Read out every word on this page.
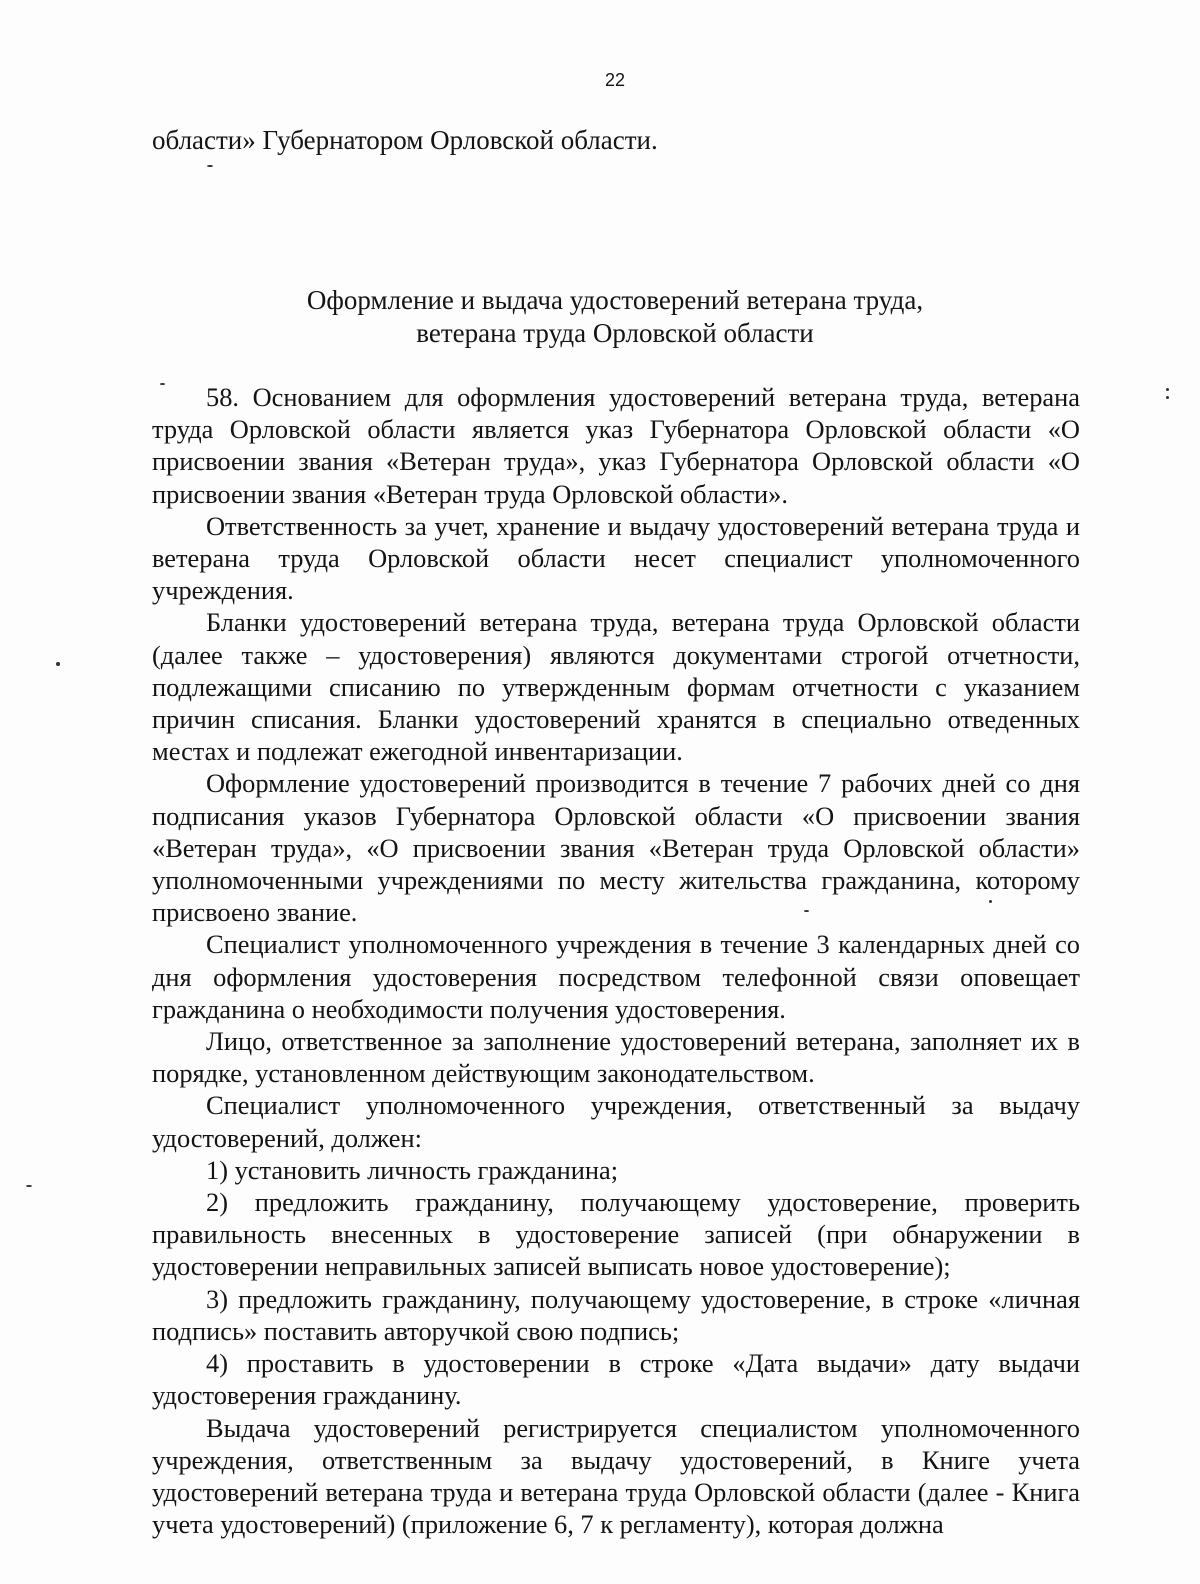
22
области» Губернатором Орловской области.
Оформление и выдача удостоверений ветерана труда,
ветерана труда Орловской области

58. Основанием для оформления удостоверений ветерана труда, ветерана труда Орловской области является указ Губернатора Орловской области «О присвоении звания «Ветеран труда», указ Губернатора Орловской области «О присвоении звания «Ветеран труда Орловской области».

Ответственность за учет, хранение и выдачу удостоверений ветерана труда и ветерана труда Орловской области несет специалист уполномоченного учреждения.

Бланки удостоверений ветерана труда, ветерана труда Орловской области (далее также – удостоверения) являются документами строгой отчетности, подлежащими списанию по утвержденным формам отчетности с указанием причин списания. Бланки удостоверений хранятся в специально отведенных местах и подлежат ежегодной инвентаризации.

Оформление удостоверений производится в течение 7 рабочих дней со дня подписания указов Губернатора Орловской области «О присвоении звания «Ветеран труда», «О присвоении звания «Ветеран труда Орловской области» уполномоченными учреждениями по месту жительства гражданина, которому присвоено звание.

Специалист уполномоченного учреждения в течение 3 календарных дней со дня оформления удостоверения посредством телефонной связи оповещает гражданина о необходимости получения удостоверения.

Лицо, ответственное за заполнение удостоверений ветерана, заполняет их в порядке, установленном действующим законодательством.

Специалист уполномоченного учреждения, ответственный за выдачу удостоверений, должен:

1) установить личность гражданина;

2) предложить гражданину, получающему удостоверение, проверить правильность внесенных в удостоверение записей (при обнаружении в удостоверении неправильных записей выписать новое удостоверение);

3) предложить гражданину, получающему удостоверение, в строке «личная подпись» поставить авторучкой свою подпись;

4) проставить в удостоверении в строке «Дата выдачи» дату выдачи удостоверения гражданину.

Выдача удостоверений регистрируется специалистом уполномоченного учреждения, ответственным за выдачу удостоверений, в Книге учета удостоверений ветерана труда и ветерана труда Орловской области (далее - Книга учета удостоверений) (приложение 6, 7 к регламенту), которая должна
